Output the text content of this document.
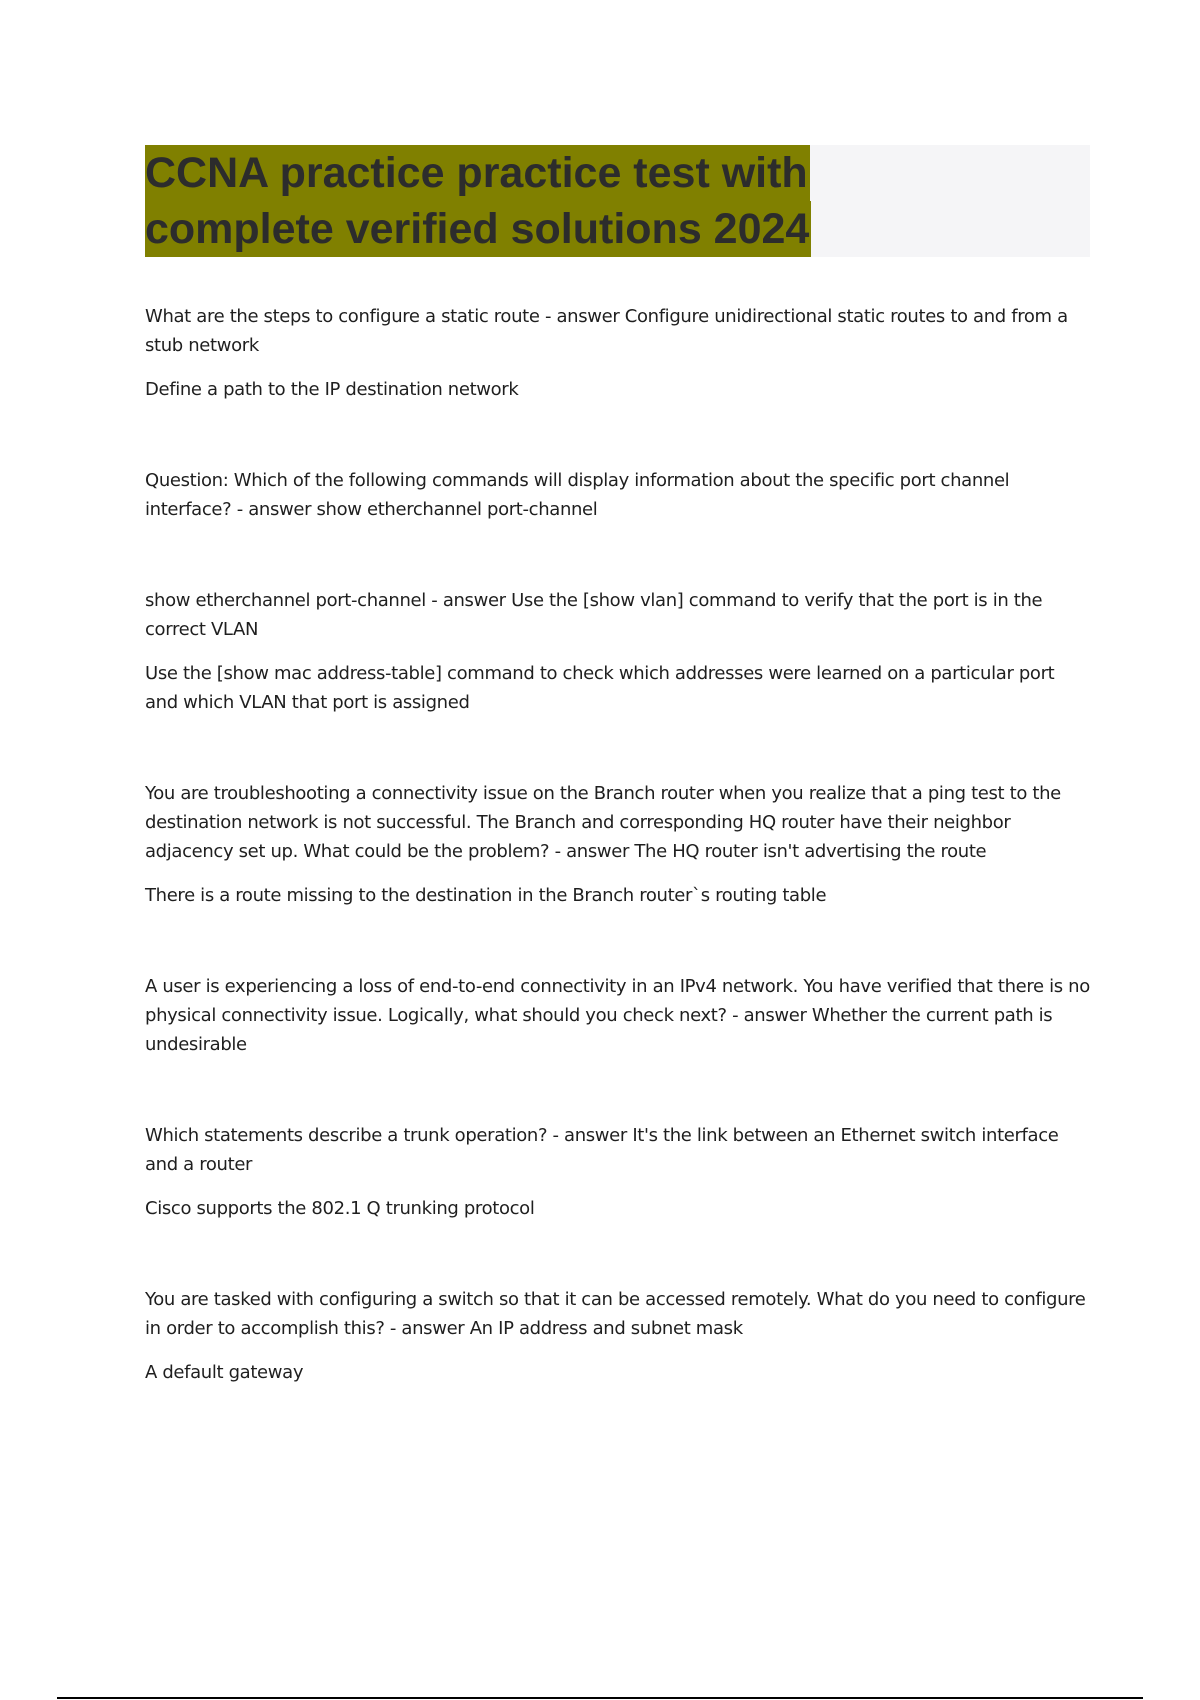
CCNA practice practice test with
complete verified solutions 2024

What are the steps to configure a static route - answer Configure unidirectional static routes to and from a stub network

Define a path to the IP destination network

Question: Which of the following commands will display information about the specific port channel interface? - answer show etherchannel port-channel

show etherchannel port-channel - answer Use the [show vlan] command to verify that the port is in the correct VLAN

Use the [show mac address-table] command to check which addresses were learned on a particular port and which VLAN that port is assigned

You are troubleshooting a connectivity issue on the Branch router when you realize that a ping test to the destination network is not successful. The Branch and corresponding HQ router have their neighbor adjacency set up. What could be the problem? - answer The HQ router isn't advertising the route

There is a route missing to the destination in the Branch router`s routing table

A user is experiencing a loss of end-to-end connectivity in an IPv4 network. You have verified that there is no physical connectivity issue. Logically, what should you check next? - answer Whether the current path is undesirable

Which statements describe a trunk operation? - answer It's the link between an Ethernet switch interface and a router

Cisco supports the 802.1 Q trunking protocol

You are tasked with configuring a switch so that it can be accessed remotely. What do you need to configure in order to accomplish this? - answer An IP address and subnet mask

A default gateway
